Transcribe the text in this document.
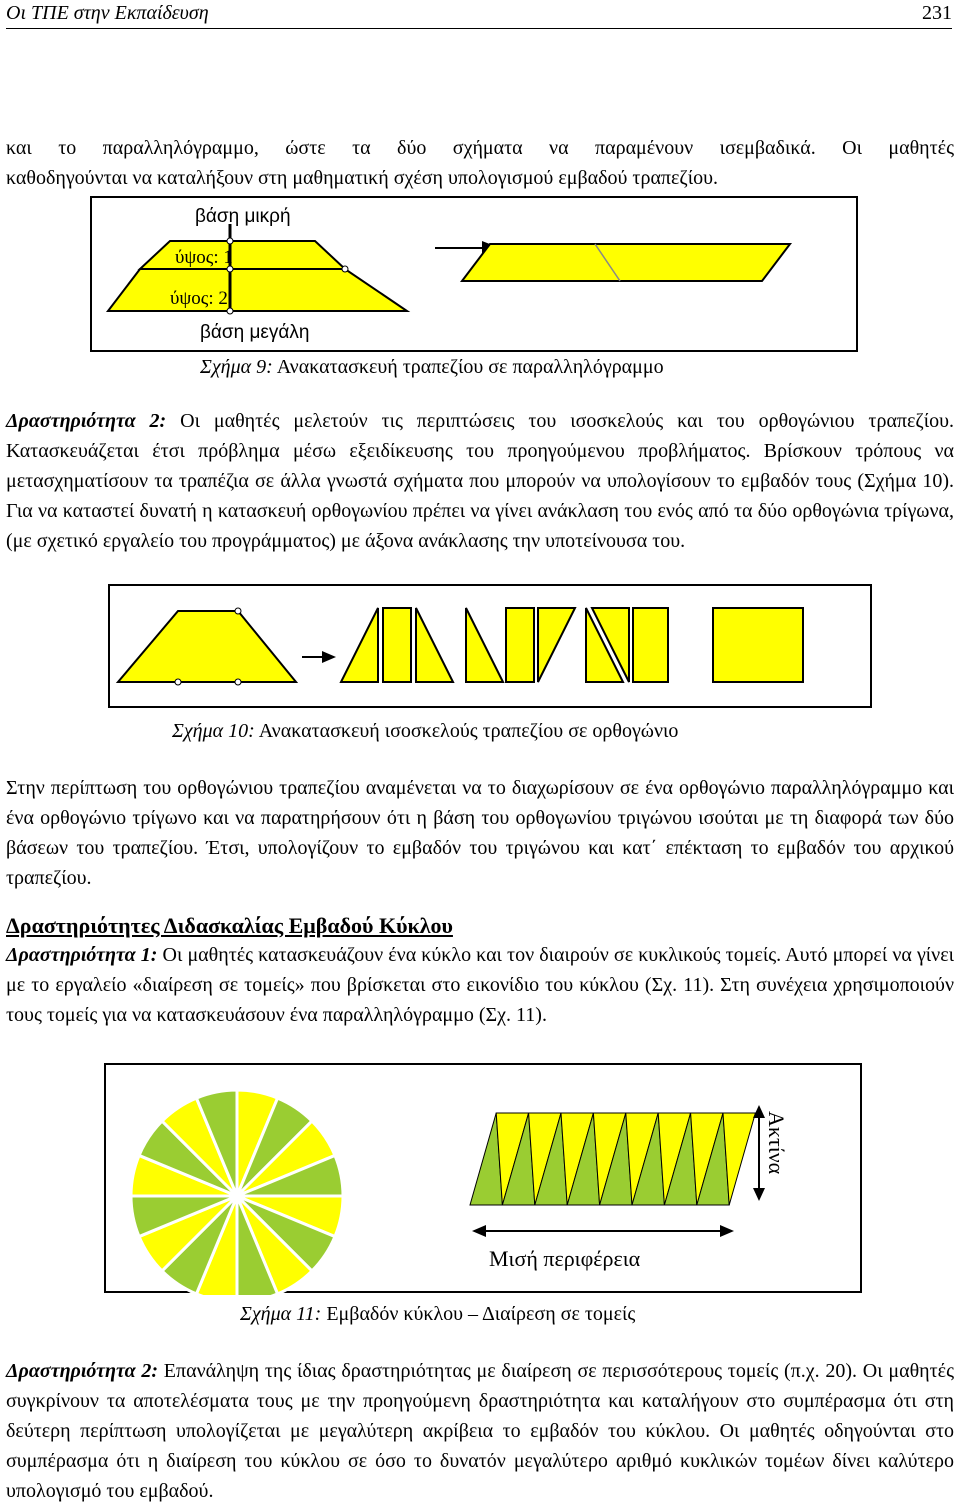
Οι ΤΠΕ στην Εκπαίδευση	231

και το παραλληλόγραμμο, ώστε τα δύο σχήματα να παραμένουν ισεμβαδικά. Οι μαθητές

καθοδηγούνται να καταλήξουν στη μαθηματική σχέση υπολογισμού εμβαδού τραπεζίου.

βάση μικρή
ύψος: 1
ύψος: 2
βάση μεγάλη
Σχήμα 9: Ανακατασκευή τραπεζίου σε παραλληλόγραμμο

Δραστηριότητα 2: Οι μαθητές μελετούν τις περιπτώσεις του ισοσκελούς και του ορθογώνιου τραπεζίου. Κατασκευάζεται έτσι πρόβλημα μέσω εξειδίκευσης του προηγούμενου προβλήματος. Βρίσκουν τρόπους να μετασχηματίσουν τα τραπέζια σε άλλα γνωστά σχήματα που μπορούν να υπολογίσουν το εμβαδόν τους (Σχήμα 10). Για να καταστεί δυνατή η κατασκευή ορθογωνίου πρέπει να γίνει ανάκλαση του ενός από τα δύο ορθογώνια τρίγωνα, (με σχετικό εργαλείο του προγράμματος) με άξονα ανάκλασης την υποτείνουσα του.

Σχήμα 10: Ανακατασκευή ισοσκελούς τραπεζίου σε ορθογώνιο

Στην περίπτωση του ορθογώνιου τραπεζίου αναμένεται να το διαχωρίσουν σε ένα ορθογώνιο παραλληλόγραμμο και ένα ορθογώνιο τρίγωνο και να παρατηρήσουν ότι η βάση του ορθογωνίου τριγώνου ισούται με τη διαφορά των δύο βάσεων του τραπεζίου. Έτσι, υπολογίζουν το εμβαδόν του τριγώνου και κατ΄ επέκταση το εμβαδόν του αρχικού τραπεζίου.

Δραστηριότητες Διδασκαλίας Εμβαδού Κύκλου

Δραστηριότητα 1: Οι μαθητές κατασκευάζουν ένα κύκλο και τον διαιρούν σε κυκλικούς τομείς. Αυτό μπορεί να γίνει με το εργαλείο «διαίρεση σε τομείς» που βρίσκεται στο εικονίδιο του κύκλου (Σχ. 11). Στη συνέχεια χρησιμοποιούν τους τομείς για να κατασκευάσουν ένα παραλληλόγραμμο (Σχ. 11).

Ακτίνα
Μισή περιφέρεια
Σχήμα 11: Εμβαδόν κύκλου – Διαίρεση σε τομείς

Δραστηριότητα 2: Επανάληψη της ίδιας δραστηριότητας με διαίρεση σε περισσότερους τομείς (π.χ. 20). Οι μαθητές συγκρίνουν τα αποτελέσματα τους με την προηγούμενη δραστηριότητα και καταλήγουν στο συμπέρασμα ότι στη δεύτερη περίπτωση υπολογίζεται με μεγαλύτερη ακρίβεια το εμβαδόν του κύκλου. Οι μαθητές οδηγούνται στο συμπέρασμα ότι η διαίρεση του κύκλου σε όσο το δυνατόν μεγαλύτερο αριθμό κυκλικών τομέων δίνει καλύτερο υπολογισμό του εμβαδού.
